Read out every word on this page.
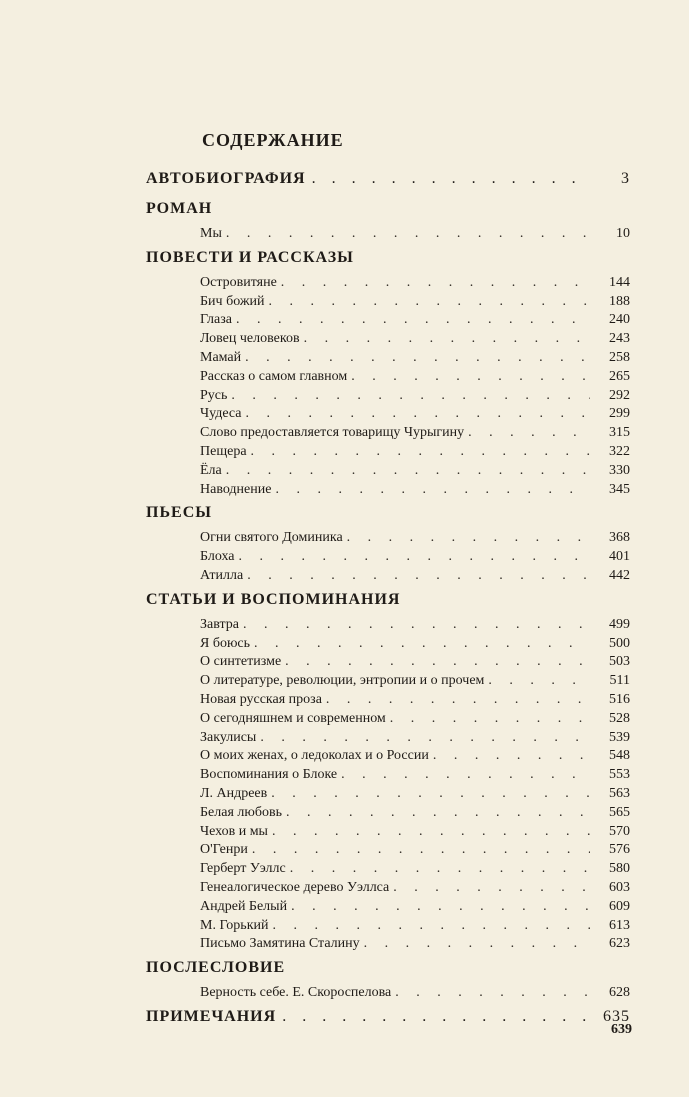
СОДЕРЖАНИЕ
АВТОБИОГРАФИЯ . . .	3
РОМАН
Мы . . .	10
ПОВЕСТИ И РАССКАЗЫ
Островитяне . . .	144
Бич божий . . .	188
Глаза . . .	240
Ловец человеков . . .	243
Мамай . . .	258
Рассказ о самом главном . . .	265
Русь . . .	292
Чудеса . . .	299
Слово предоставляется товарищу Чурыгину . . .	315
Пещера . . .	322
Ёла . . .	330
Наводнение . . .	345
ПЬЕСЫ
Огни святого Доминика . . .	368
Блоха . . .	401
Атилла . . .	442
СТАТЬИ И ВОСПОМИНАНИЯ
Завтра . . .	499
Я боюсь . . .	500
О синтетизме . . .	503
О литературе, революции, энтропии и о прочем . . .	511
Новая русская проза . . .	516
О сегодняшнем и современном . . .	528
Закулисы . . .	539
О моих женах, о ледоколах и о России . . .	548
Воспоминания о Блоке . . .	553
Л. Андреев . . .	563
Белая любовь . . .	565
Чехов и мы . . .	570
О'Генри . . .	576
Герберт Уэллс . . .	580
Генеалогическое дерево Уэллса . . .	603
Андрей Белый . . .	609
М. Горький . . .	613
Письмо Замятина Сталину . . .	623
ПОСЛЕСЛОВИЕ
Верность себе. Е. Скороспелова . . .	628
ПРИМЕЧАНИЯ . . .	635
639
